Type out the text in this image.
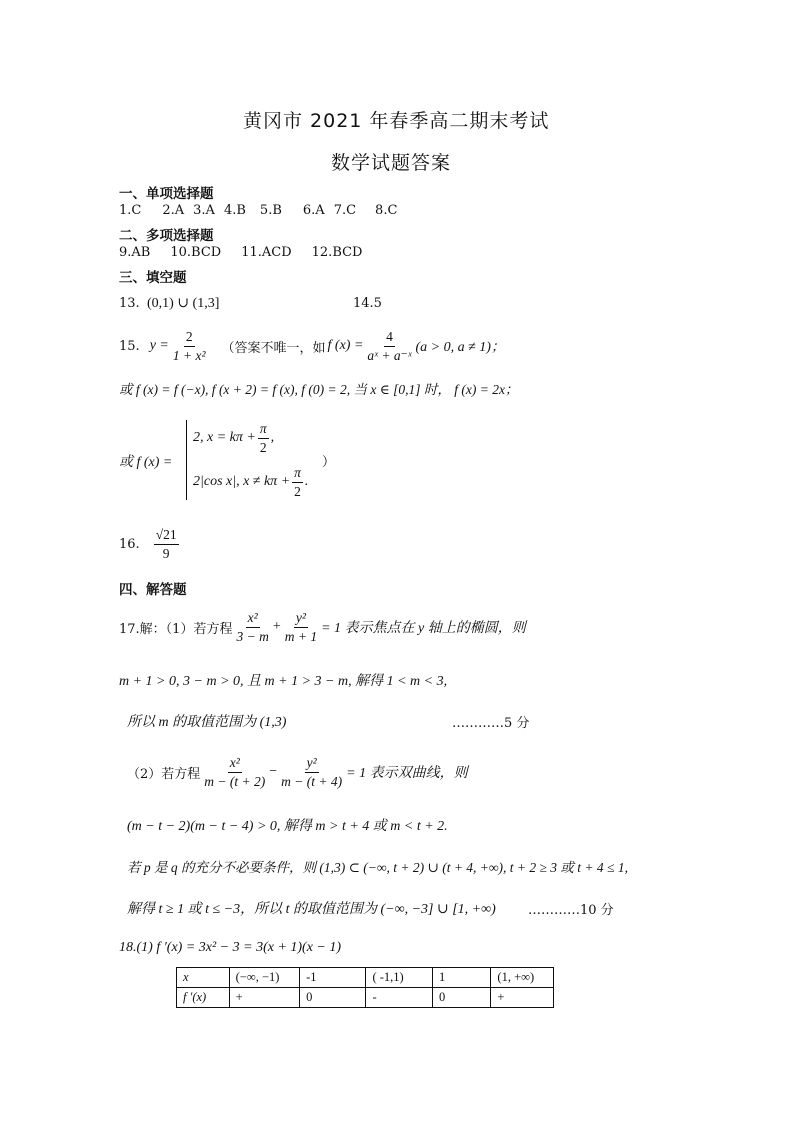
黄冈市 2021 年春季高二期末考试
数学试题答案
一、单项选择题
1.C 2.A 3.A 4.B 5.B 6.A 7.C 8.C
二、多项选择题
9.AB 10.BCD 11.ACD 12.BCD
三、填空题
13. (0,1) ∪ (1,3]	14.5
15. $y = \frac{2}{\text{1 + x²}}$ （答案不唯一，如 f $(x) = \frac{4}{\text{aˣ + a⁻ˣ}} (a > 0$, a ≠ 1)；
或 f (x) = f (−x), f (x + 2) = f (x), f (0) = 2, 当 x ∈ [0,1] 时， f (x) = 2x；
或 f (x) =
2, $x = k\pi + \frac{\pi}{2}$ ,
2|cos x|, $x \ne k\pi + \frac{\pi}{2}$ .
）
16. $\frac{√21}{9}$
四、解答题
17.解：（1）若方程 $\frac{\text{x²}}{3 - m} + \frac{\text{y²}}{m + 1} = 1$ 表示焦点在 y 轴上的椭圆，则
m + 1 > 0, 3 − m > 0, 且 m + 1 > 3 − m, 解得 1 < m < 3,
所以 m 的取值范围为 (1,3)	…………5 分
（2）若方程 $\frac{\text{x²}}{m - (t + 2)} - \frac{\text{y²}}{m - (t + 4)} = 1$ 表示双曲线，则
(m − t − 2)(m − t − 4) > 0, 解得 m > t + 4 或 m < t + 2.
若 p 是 q 的充分不必要条件，则 (1,3) ⊂ (−∞, t + 2) ∪ (t + 4, +∞), t + 2 ≥ 3 或 t + 4 ≤ 1,
解得 t ≥ 1 或 t ≤ −3，所以 t 的取值范围为 (−∞, −3] ∪ [1, +∞) …………10 分
18.(1) f ′(x) = 3x² − 3 = 3(x + 1)(x − 1)
x	(−∞, −1)	-1	( -1,1)	1	(1, +∞)
f ′(x)	+	0	-	0	+
